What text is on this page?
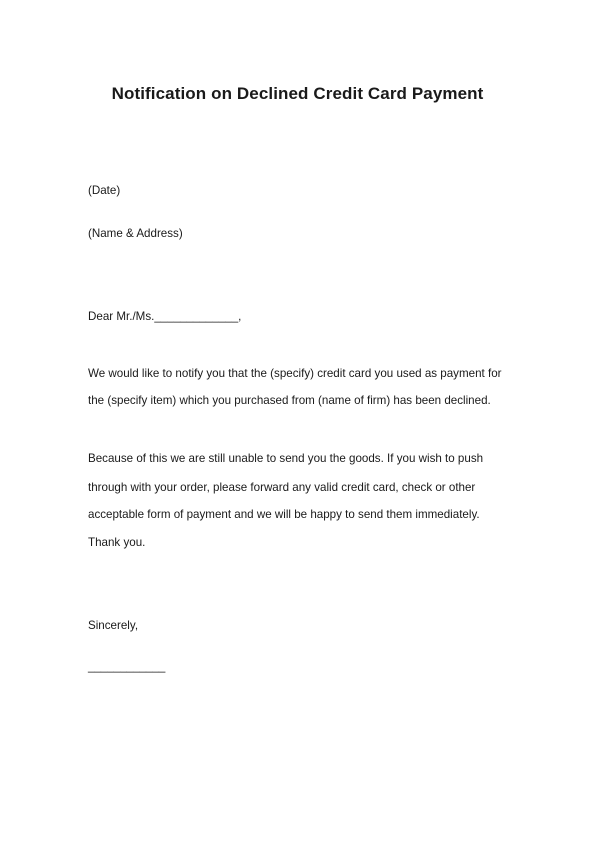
Notification on Declined Credit Card Payment
(Date)
(Name & Address)
Dear Mr./Ms._____________,
We would like to notify you that the (specify) credit card you used as payment for
the (specify item) which you purchased from (name of firm) has been declined.
Because of this we are still unable to send you the goods. If you wish to push
through with your order, please forward any valid credit card, check or other
acceptable form of payment and we will be happy to send them immediately.
Thank you.
Sincerely,
____________
